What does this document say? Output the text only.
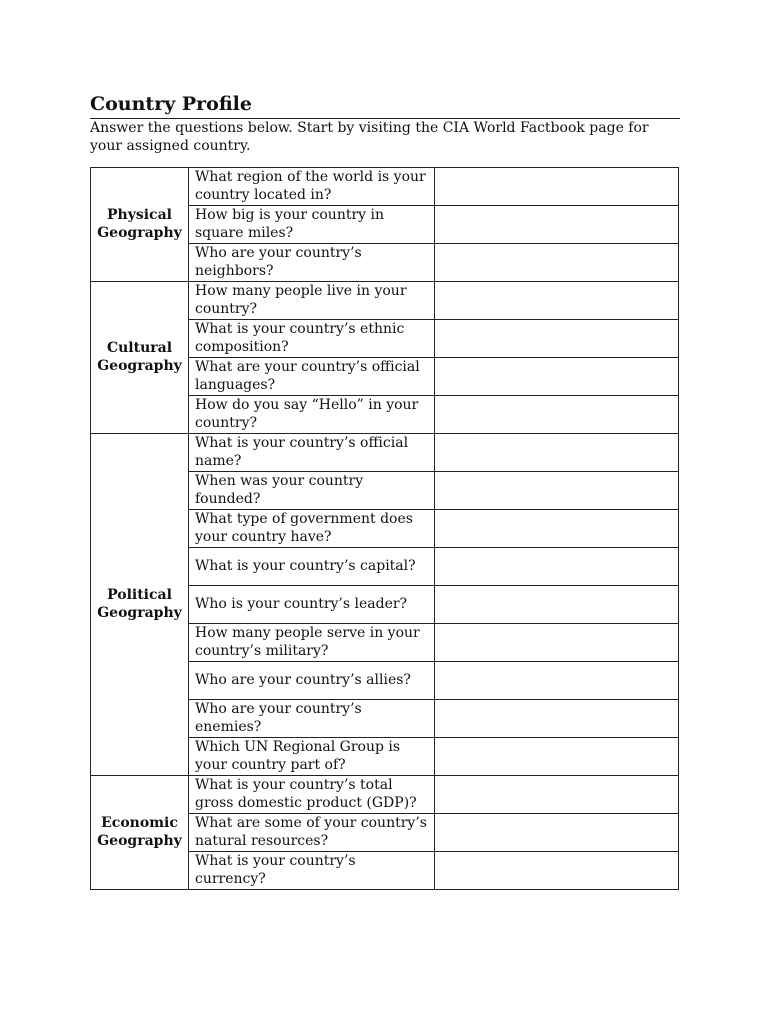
Country Profile

Answer the questions below. Start by visiting the CIA World Factbook page for your assigned country.

Physical Geography	What region of the world is your country located in?	
	How big is your country in square miles?	
	Who are your country’s neighbors?	
Cultural Geography	How many people live in your country?	
	What is your country’s ethnic composition?	
	What are your country’s official languages?	
	How do you say “Hello” in your country?	
Political Geography	What is your country’s official name?	
	When was your country founded?	
	What type of government does your country have?	
	What is your country’s capital?	
	Who is your country’s leader?	
	How many people serve in your country’s military?	
	Who are your country’s allies?	
	Who are your country’s enemies?	
	Which UN Regional Group is your country part of?	
Economic Geography	What is your country’s total gross domestic product (GDP)?	
	What are some of your country’s natural resources?	
	What is your country’s currency?	
